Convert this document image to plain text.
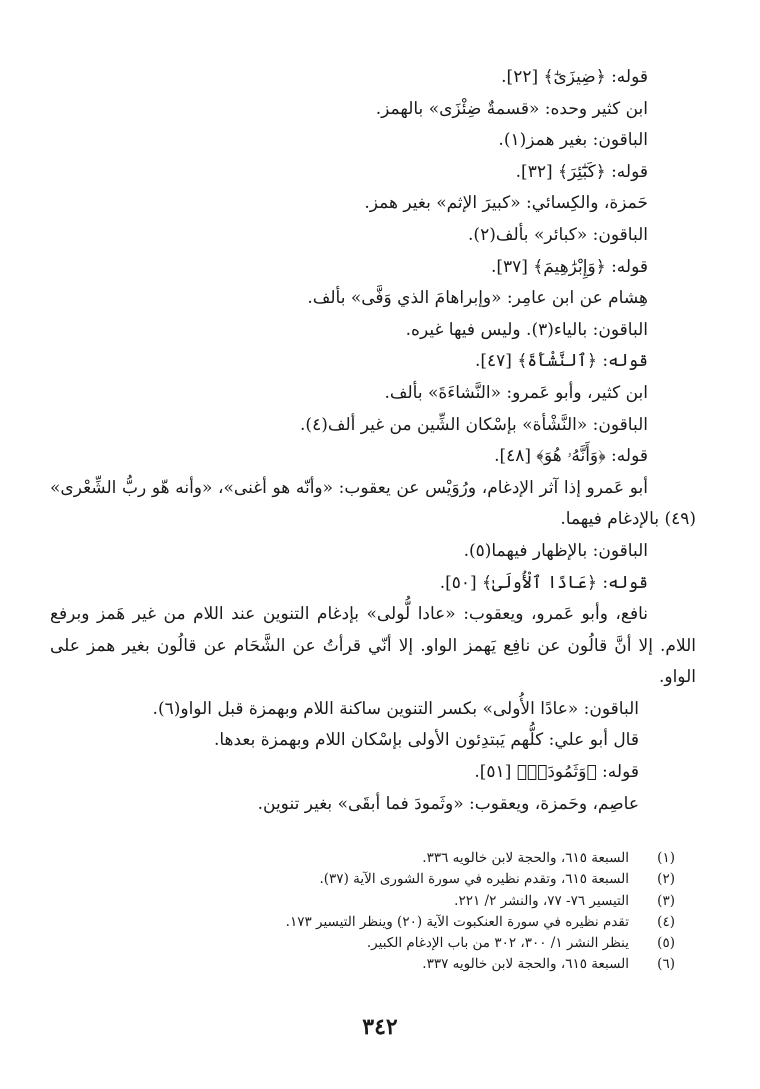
قوله: ﴿ضِيزَىٰٓ﴾ [٢٢].
ابن كثير وحده: «قسمةٌ ضِئْزَى» بالهمز.
الباقون: بغير همز(١).
قوله: ﴿كَبَٰٓئِرَ﴾ [٣٢].
حَمزة، والكِسائي: «كبيرَ الإثم» بغير همز.
الباقون: «كبائر» بألف(٢).
قوله: ﴿وَإِبْرَٰهِيمَ﴾ [٣٧].
هِشام عن ابن عامِر: «وإبراهامَ الذي وَفَّى» بألف.
الباقون: بالياء(٣). وليس فيها غيره.
قوله: ﴿ٱلنَّشْأَةَ﴾ [٤٧].
ابن كثير، وأبو عَمرو: «النَّشاءَةَ» بألف.
الباقون: «النَّشْأة» بإسْكان الشِّين من غير ألف(٤).
قوله: ﴿وَأَنَّهُۥ هُوَ﴾ [٤٨].
أبو عَمرو إذا آثر الإدغام، ورُوَيْس عن يعقوب: «وأنّه هو أغنى»، «وأنه هّو ربُّ الشِّعْرى» (٤٩) بالإدغام فيهما.
الباقون: بالإظهار فيهما(٥).
قوله: ﴿عَادًا ٱلْأُولَىٰ﴾ [٥٠].
نافع، وأبو عَمرو، ويعقوب: «عادا لُّولى» بإدغام التنوين عند اللام من غير هَمز وبرفع اللام. إلا أنَّ قالُون عن نافِع يَهمز الواو. إلا أنّي قرأتُ عن الشَّحَام عن قالُون بغير همز على الواو.
الباقون: «عادًا الأُولى» بكسر التنوين ساكنة اللام وبهمزة قبل الواو(٦).
قال أبو علي: كلُّهم يَبتدِئون الأولى بإسْكان اللام وبهمزة بعدها.
قوله: ﴿وَثَمُودَا۟﴾ [٥١].
عاصِم، وحَمزة، ويعقوب: «وثَمودَ فما أبقَى» بغير تنوين.
(١)
السبعة ٦١٥، والحجة لابن خالويه ٣٣٦.
(٢)
السبعة ٦١٥، وتقدم نظيره في سورة الشورى الآية (٣٧).
(٣)
التيسير ٧٦- ٧٧، والنشر ٢/ ٢٢١.
(٤)
تقدم نظيره في سورة العنكبوت الآية (٢٠) وينظر التيسير ١٧٣.
(٥)
ينظر النشر ١/ ٣٠٠، ٣٠٢ من باب الإدغام الكبير.
(٦)
السبعة ٦١٥، والحجة لابن خالويه ٣٣٧.
٣٤٢
